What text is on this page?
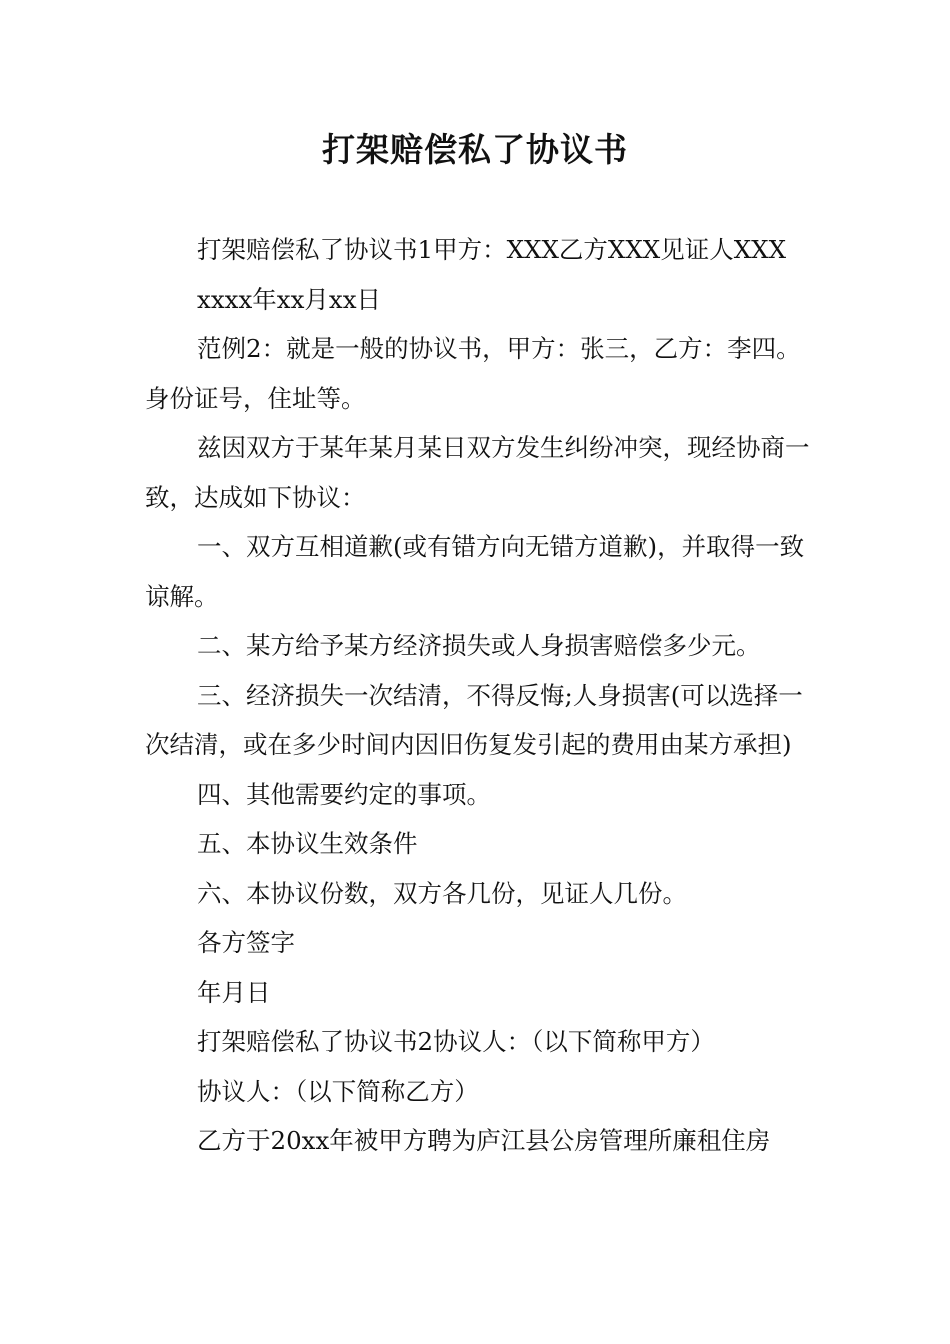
打架赔偿私了协议书

打架赔偿私了协议书1甲方：XXX乙方XXX见证人XXX

xxxx年xx月xx日

范例2：就是一般的协议书，甲方：张三，乙方：李四。身份证号，住址等。

兹因双方于某年某月某日双方发生纠纷冲突，现经协商一致，达成如下协议：

一、双方互相道歉(或有错方向无错方道歉)，并取得一致谅解。

二、某方给予某方经济损失或人身损害赔偿多少元。

三、经济损失一次结清，不得反悔;人身损害(可以选择一次结清，或在多少时间内因旧伤复发引起的费用由某方承担)

四、其他需要约定的事项。

五、本协议生效条件

六、本协议份数，双方各几份，见证人几份。

各方签字

年月日

打架赔偿私了协议书2协议人：（以下简称甲方）

协议人：（以下简称乙方）

乙方于20xx年被甲方聘为庐江县公房管理所廉租住房
